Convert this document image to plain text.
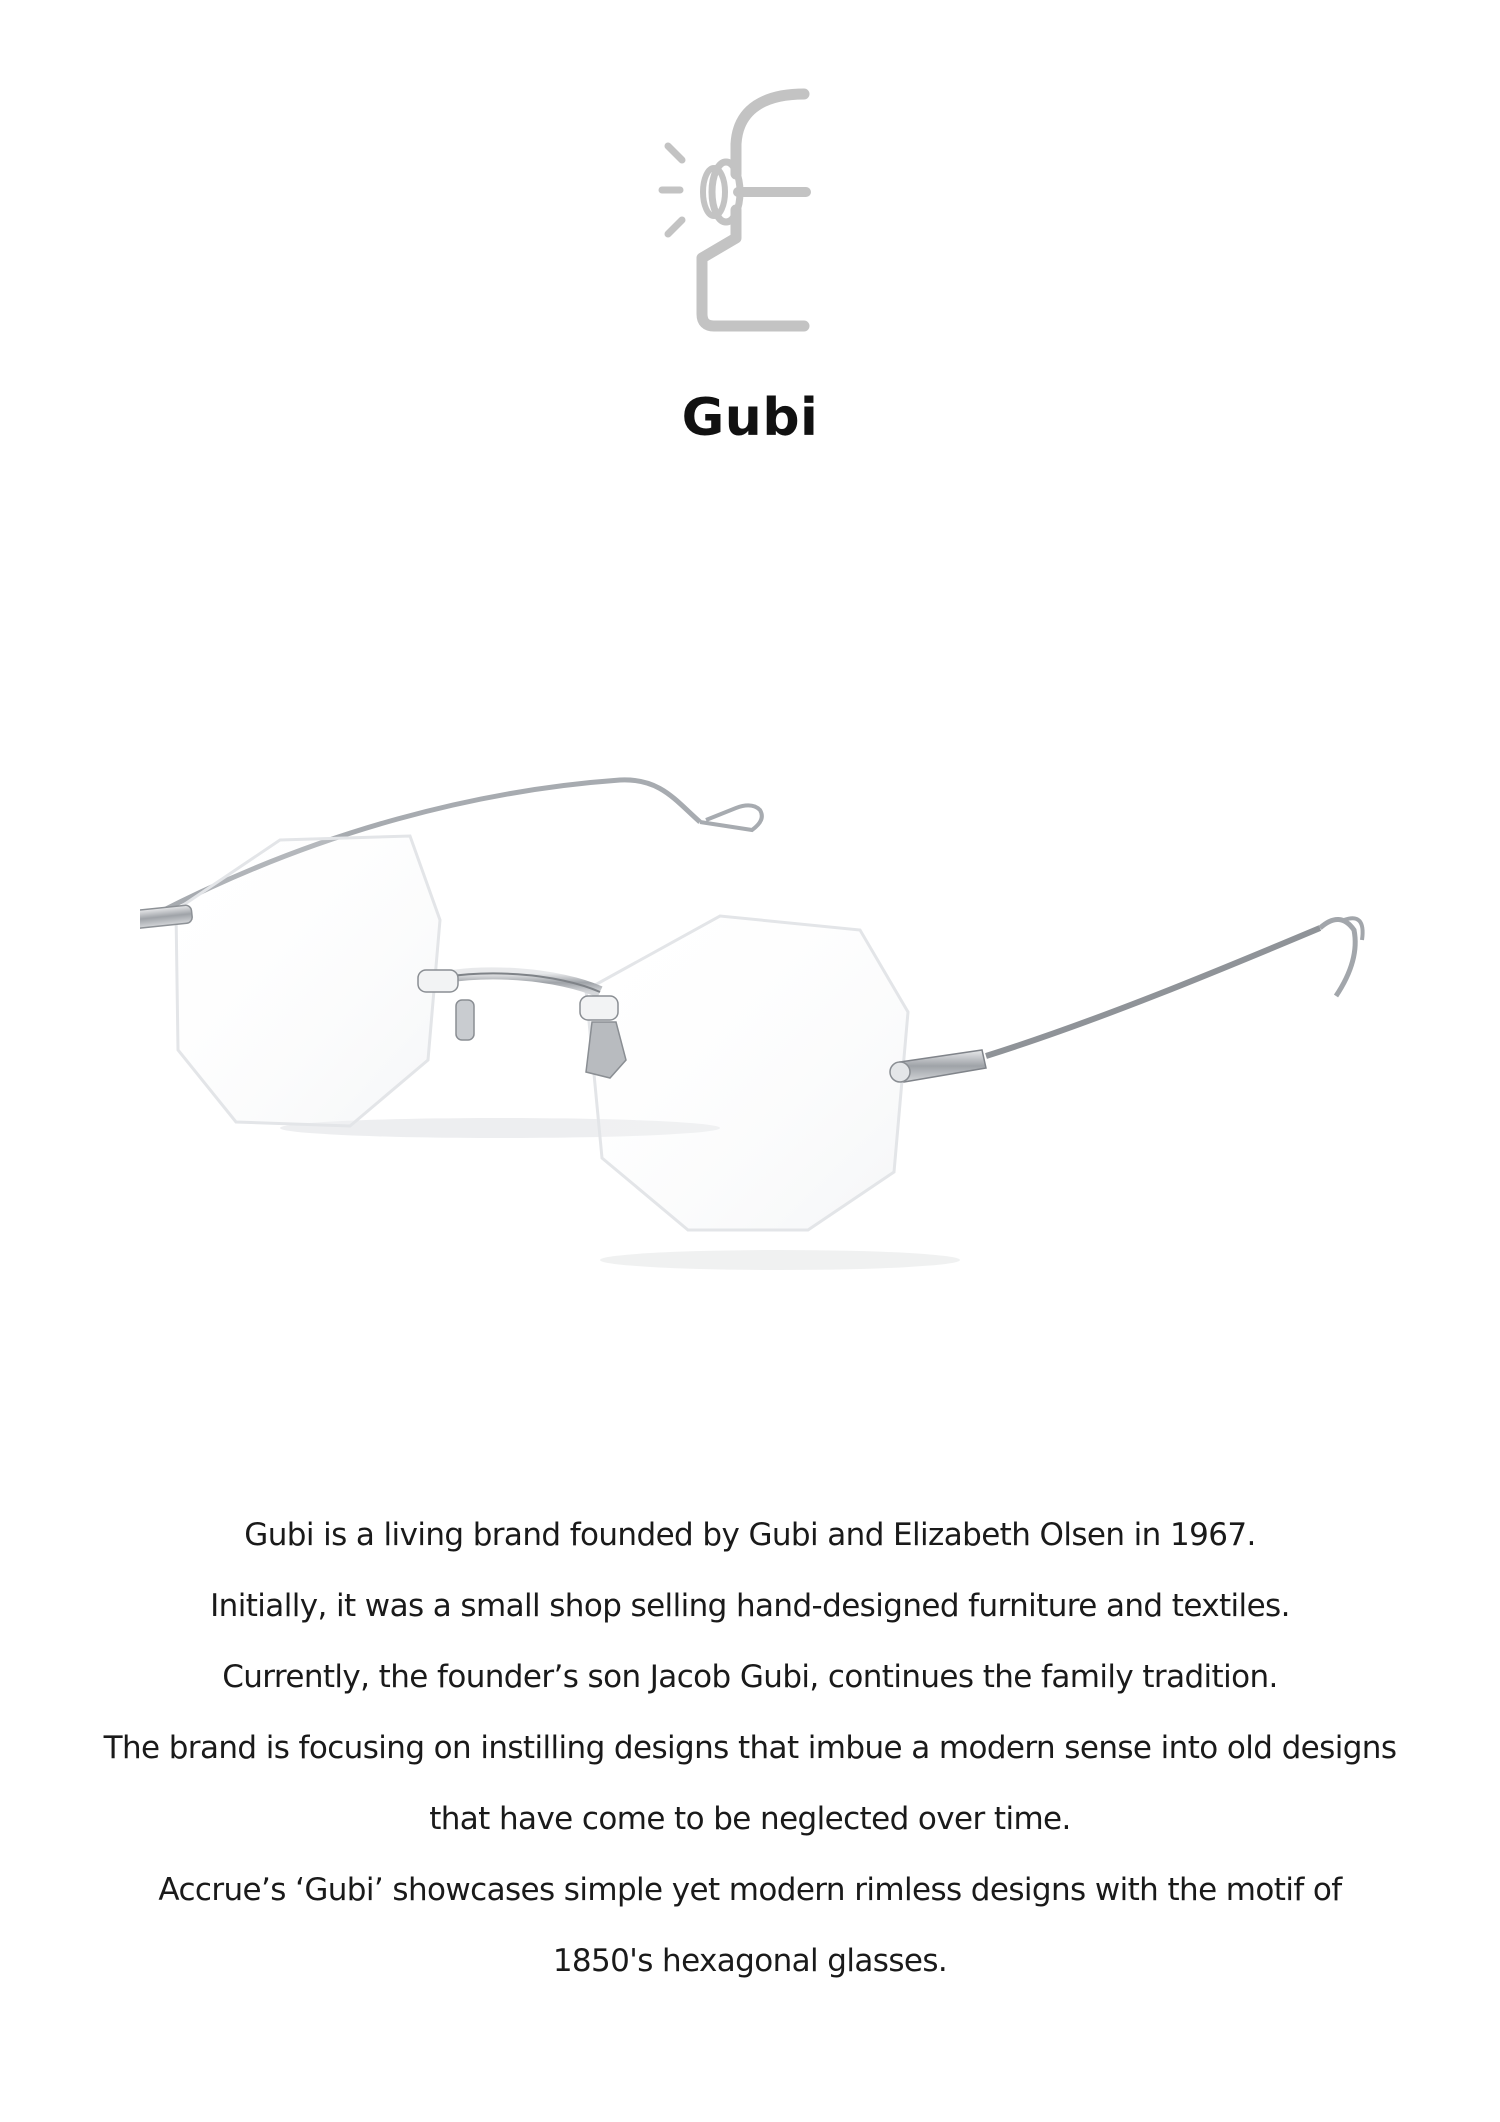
Gubi

Gubi is a living brand founded by Gubi and Elizabeth Olsen in 1967.

Initially, it was a small shop selling hand-designed furniture and textiles.

Currently, the founder’s son Jacob Gubi, continues the family tradition.

The brand is focusing on instilling designs that imbue a modern sense into old designs

that have come to be neglected over time.

Accrue’s ‘Gubi’ showcases simple yet modern rimless designs with the motif of

1850's hexagonal glasses.
